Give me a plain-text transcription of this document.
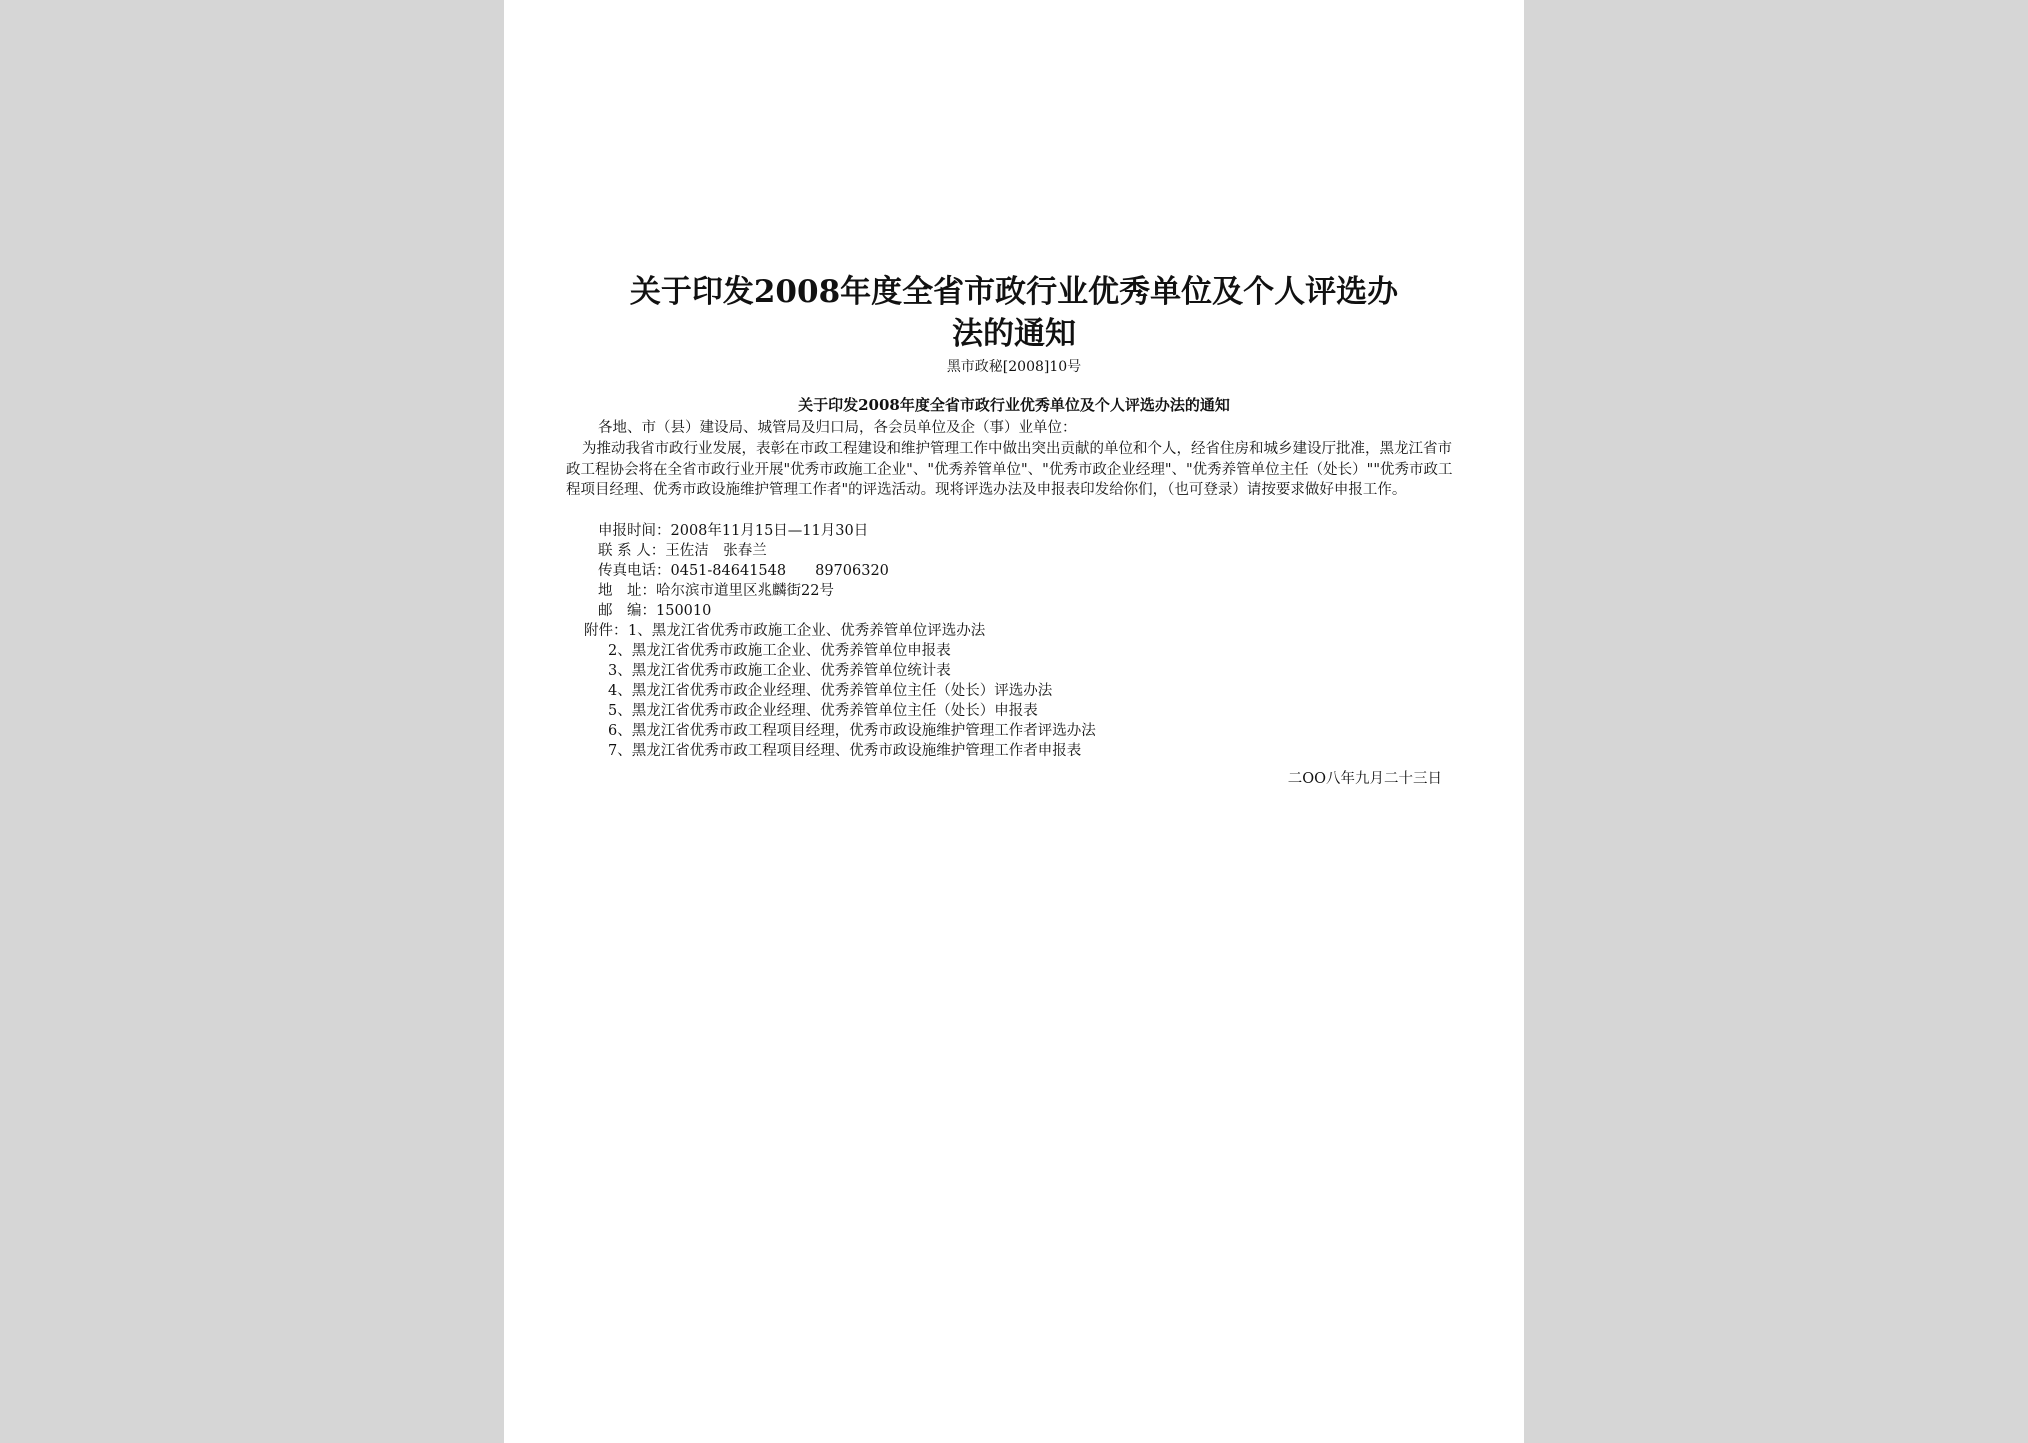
关于印发2008年度全省市政行业优秀单位及个人评选办
法的通知
黑市政秘[2008]10号
关于印发2008年度全省市政行业优秀单位及个人评选办法的通知
各地、市（县）建设局、城管局及归口局，各会员单位及企（事）业单位：
为推动我省市政行业发展，表彰在市政工程建设和维护管理工作中做出突出贡献的单位和个人，经省住房和城乡建设厅批准，黑龙江省市政工程协会将在全省市政行业开展"优秀市政施工企业"、"优秀养管单位"、"优秀市政企业经理"、"优秀养管单位主任（处长）""优秀市政工程项目经理、优秀市政设施维护管理工作者"的评选活动。现将评选办法及申报表印发给你们，（也可登录）请按要求做好申报工作。
申报时间：2008年11月15日—11月30日
联 系 人：王佐洁　张春兰
传真电话：0451-84641548　　89706320
地　址：哈尔滨市道里区兆麟街22号
邮　编：150010
附件： 1、黑龙江省优秀市政施工企业、优秀养管单位评选办法
2、黑龙江省优秀市政施工企业、优秀养管单位申报表
3、黑龙江省优秀市政施工企业、优秀养管单位统计表
4、黑龙江省优秀市政企业经理、优秀养管单位主任（处长）评选办法
5、黑龙江省优秀市政企业经理、优秀养管单位主任（处长）申报表
6、黑龙江省优秀市政工程项目经理，优秀市政设施维护管理工作者评选办法
7、黑龙江省优秀市政工程项目经理、优秀市政设施维护管理工作者申报表
二OO八年九月二十三日
